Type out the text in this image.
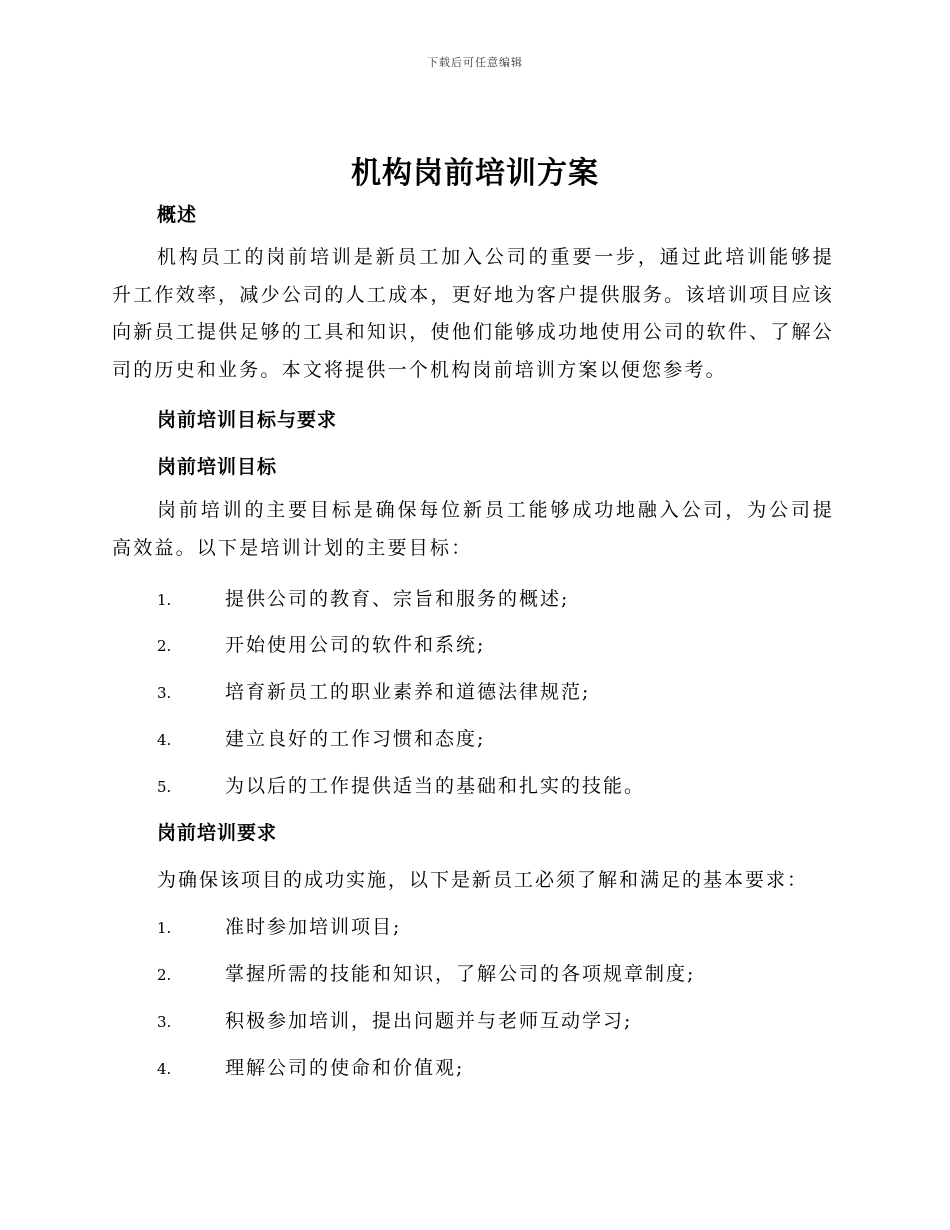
下载后可任意编辑
机构岗前培训方案
概述

机构员工的岗前培训是新员工加入公司的重要一步，通过此培训能够提升工作效率，减少公司的人工成本，更好地为客户提供服务。该培训项目应该向新员工提供足够的工具和知识，使他们能够成功地使用公司的软件、了解公司的历史和业务。本文将提供一个机构岗前培训方案以便您参考。

岗前培训目标与要求
岗前培训目标

岗前培训的主要目标是确保每位新员工能够成功地融入公司，为公司提高效益。以下是培训计划的主要目标：

1.	提供公司的教育、宗旨和服务的概述;
2.	开始使用公司的软件和系统;
3.	培育新员工的职业素养和道德法律规范;
4.	建立良好的工作习惯和态度;
5.	为以后的工作提供适当的基础和扎实的技能。
岗前培训要求
为确保该项目的成功实施，以下是新员工必须了解和满足的基本要求：
1.	准时参加培训项目;
2.	掌握所需的技能和知识，了解公司的各项规章制度;
3.	积极参加培训，提出问题并与老师互动学习;
4.	理解公司的使命和价值观;
